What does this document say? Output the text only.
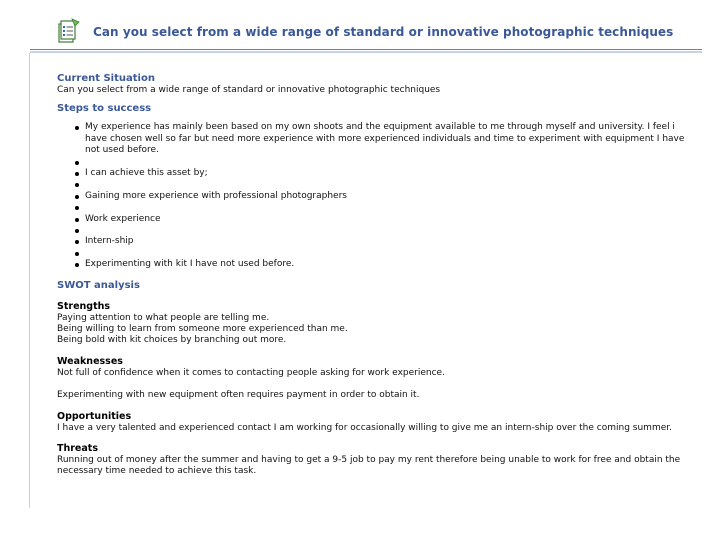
Can you select from a wide range of standard or innovative photographic techniques
Current Situation

Can you select from a wide range of standard or innovative photographic techniques

Steps to success
My experience has mainly been based on my own shoots and the equipment available to me through myself and university. I feel i have chosen well so far but need more experience with more experienced individuals and time to experiment with equipment I have not used before.
I can achieve this asset by;
Gaining more experience with professional photographers
Work experience
Intern-ship
Experimenting with kit I have not used before.
SWOT analysis
Strengths

Paying attention to what people are telling me.

Being willing to learn from someone more experienced than me.

Being bold with kit choices by branching out more.

Weaknesses

Not full of confidence when it comes to contacting people asking for work experience.

Experimenting with new equipment often requires payment in order to obtain it.

Opportunities

I have a very talented and experienced contact I am working for occasionally willing to give me an intern-ship over the coming summer.

Threats

Running out of money after the summer and having to get a 9-5 job to pay my rent therefore being unable to work for free and obtain the necessary time needed to achieve this task.
